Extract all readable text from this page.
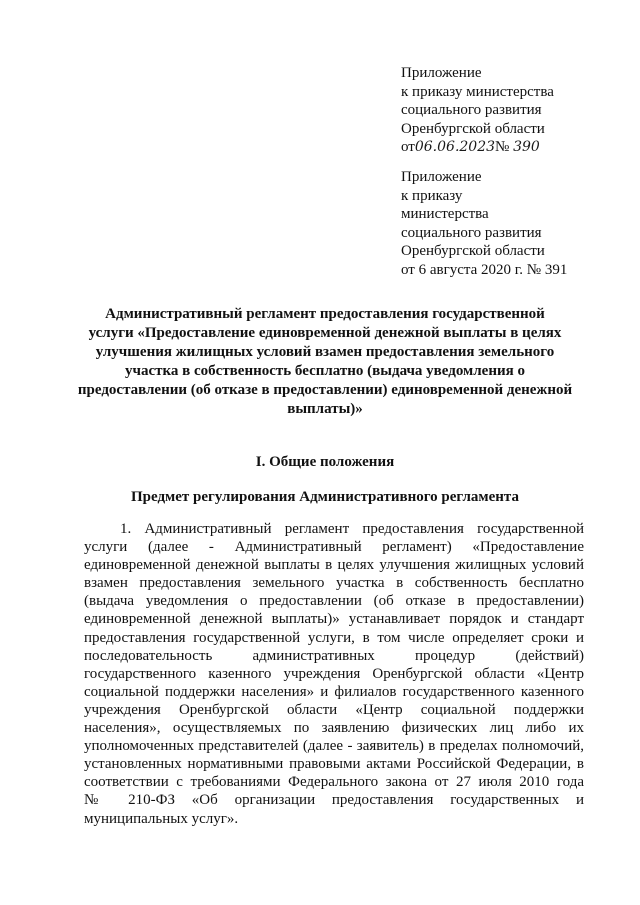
Приложение
к приказу министерства
социального развития
Оренбургской области
от06.06.2023№ 390
Приложение
к приказу
министерства
социального развития
Оренбургской области
от 6 августа 2020 г. № 391
Административный регламент предоставления государственной
услуги «Предоставление единовременной денежной выплаты в целях
улучшения жилищных условий взамен предоставления земельного
участка в собственность бесплатно (выдача уведомления о
предоставлении (об отказе в предоставлении) единовременной денежной
выплаты)»
I. Общие положения
Предмет регулирования Административного регламента
1. Административный регламент предоставления государственной
услуги (далее - Административный регламент) «Предоставление
единовременной денежной выплаты в целях улучшения жилищных условий
взамен предоставления земельного участка в собственность бесплатно
(выдача уведомления о предоставлении (об отказе в предоставлении)
единовременной денежной выплаты)» устанавливает порядок и стандарт
предоставления государственной услуги, в том числе определяет сроки и
последовательность административных процедур (действий)
государственного казенного учреждения Оренбургской области «Центр
социальной поддержки населения» и филиалов государственного казенного
учреждения Оренбургской области «Центр социальной поддержки
населения», осуществляемых по заявлению физических лиц либо их
уполномоченных представителей (далее - заявитель) в пределах полномочий,
установленных нормативными правовыми актами Российской Федерации, в
соответствии с требованиями Федерального закона от 27 июля 2010 года
№ 210-ФЗ «Об организации предоставления государственных и
муниципальных услуг».
